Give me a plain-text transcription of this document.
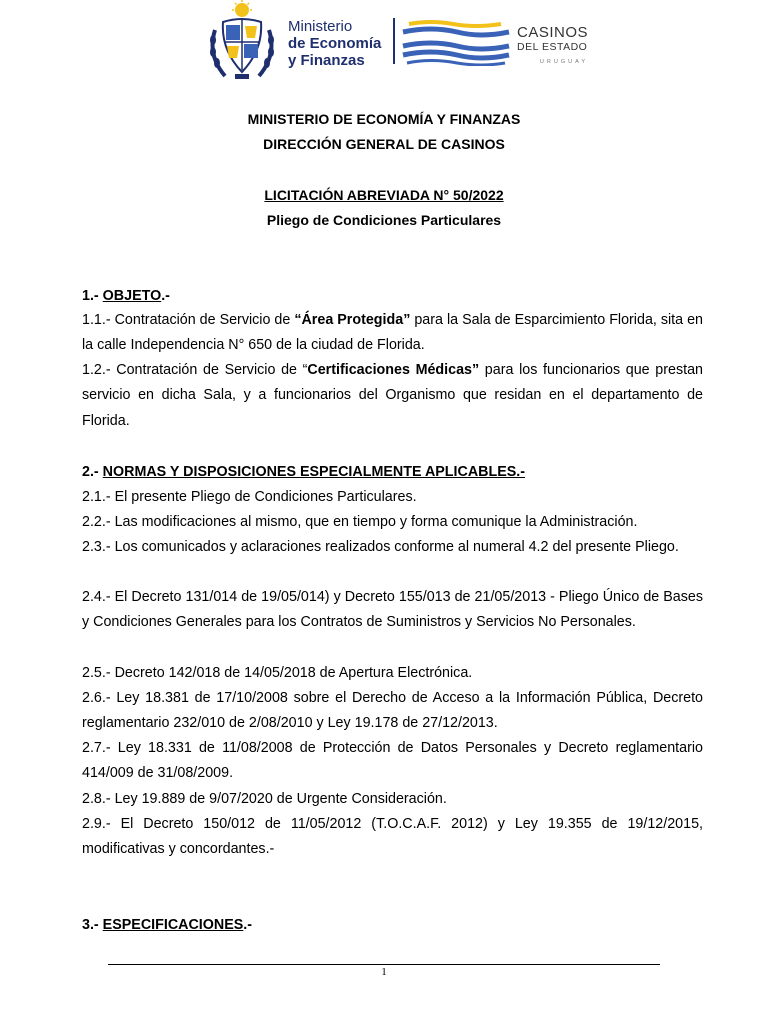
Ministerio
de Economía
y Finanzas
CASINOS
DEL ESTADO
URUGUAY
MINISTERIO DE ECONOMÍA Y FINANZAS
DIRECCIÓN GENERAL DE CASINOS
LICITACIÓN ABREVIADA N° 50/2022
Pliego de Condiciones Particulares
1.- OBJETO.-
1.1.- Contratación de Servicio de “Área Protegida” para la Sala de Esparcimiento Florida, sita en la calle Independencia N° 650 de la ciudad de Florida.
1.2.- Contratación de Servicio de “Certificaciones Médicas” para los funcionarios que prestan servicio en dicha Sala, y a funcionarios del Organismo que residan en el departamento de Florida.
2.- NORMAS Y DISPOSICIONES ESPECIALMENTE APLICABLES.-
2.1.- El presente Pliego de Condiciones Particulares.
2.2.- Las modificaciones al mismo, que en tiempo y forma comunique la Administración.
2.3.- Los comunicados y aclaraciones realizados conforme al numeral 4.2 del presente Pliego.
2.4.- El Decreto 131/014 de 19/05/014) y Decreto 155/013 de 21/05/2013 - Pliego Único de Bases y Condiciones Generales para los Contratos de Suministros y Servicios No Personales.
2.5.- Decreto 142/018 de 14/05/2018 de Apertura Electrónica.
2.6.- Ley 18.381 de 17/10/2008 sobre el Derecho de Acceso a la Información Pública, Decreto reglamentario 232/010 de 2/08/2010 y Ley 19.178 de 27/12/2013.
2.7.- Ley 18.331 de 11/08/2008 de Protección de Datos Personales y Decreto reglamentario 414/009 de 31/08/2009.
2.8.- Ley 19.889 de 9/07/2020 de Urgente Consideración.
2.9.- El Decreto 150/012 de 11/05/2012 (T.O.C.A.F. 2012) y Ley 19.355 de 19/12/2015, modificativas y concordantes.-
3.- ESPECIFICACIONES.-
1
